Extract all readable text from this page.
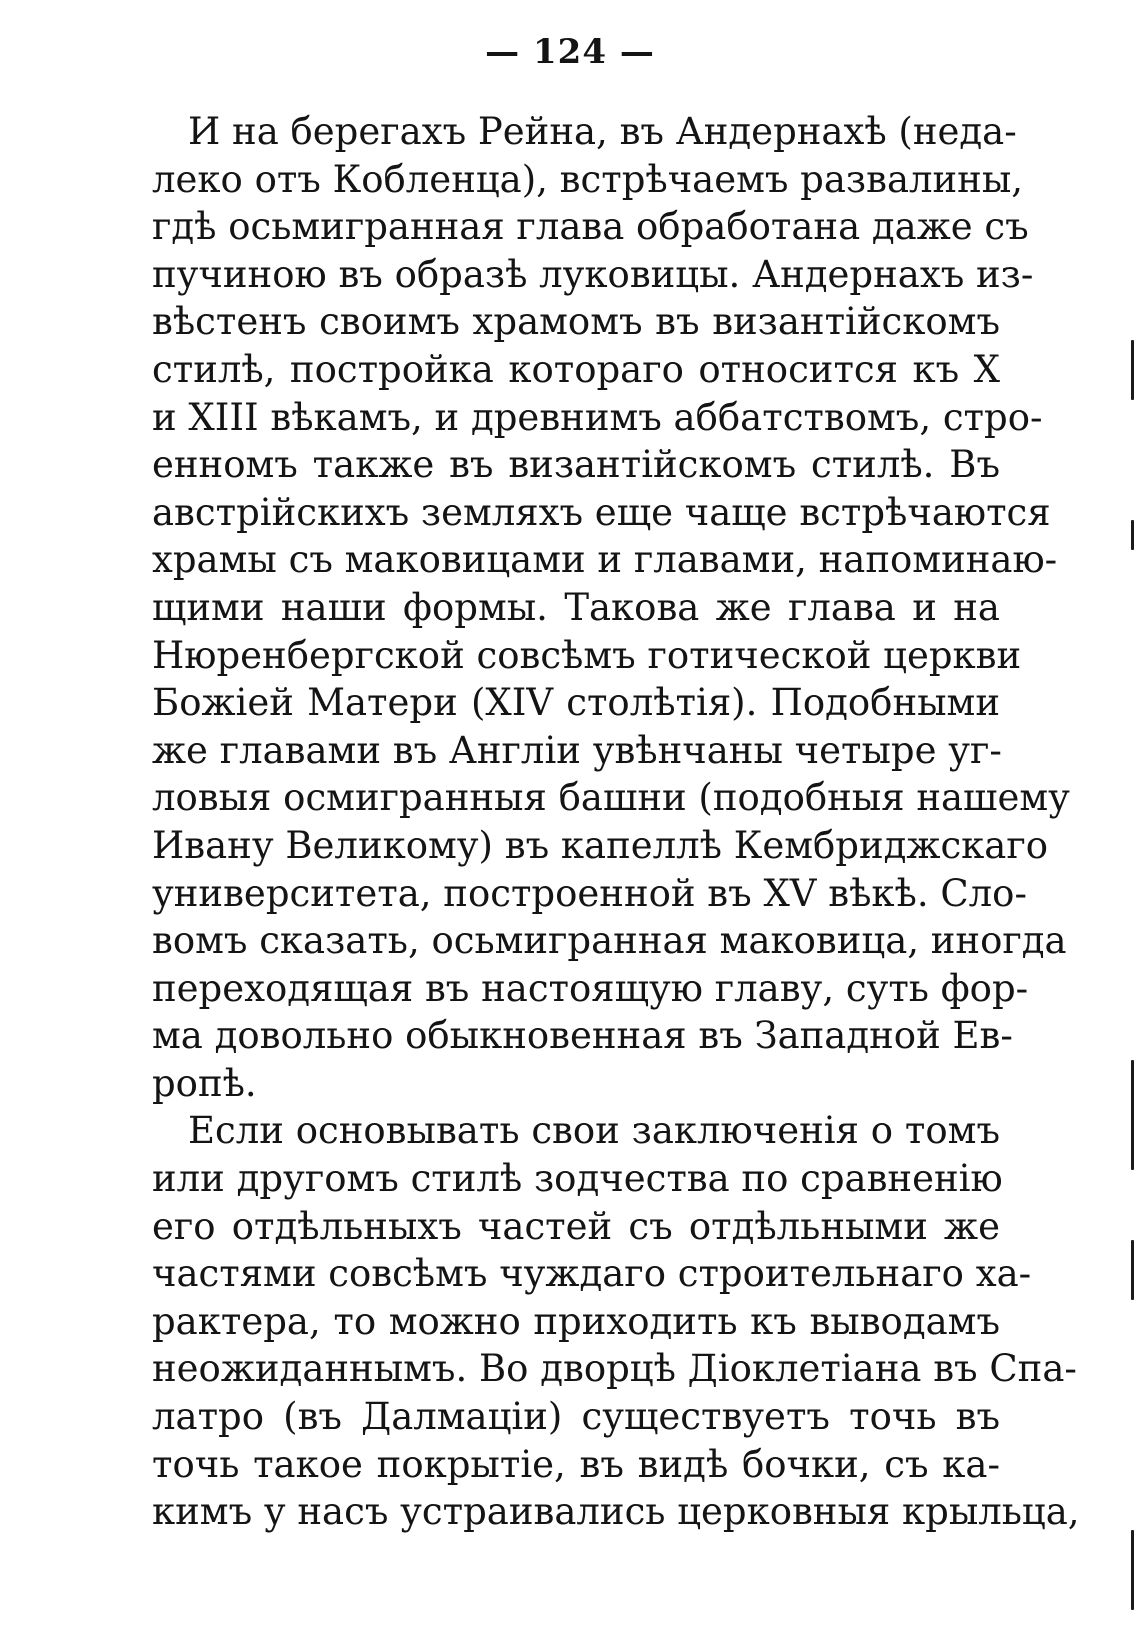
— 124 —
И на берегахъ Рейна, въ Андернахѣ (неда-
леко отъ Кобленца), встрѣчаемъ развалины,
гдѣ осьмигранная глава обработана даже съ
пучиною въ образѣ луковицы. Андернахъ из-
вѣстенъ своимъ храмомъ въ византійскомъ
стилѣ, постройка котораго относится къ X
и XIII вѣкамъ, и древнимъ аббатствомъ, стро-
енномъ также въ византійскомъ стилѣ. Въ
австрійскихъ земляхъ еще чаще встрѣчаются
храмы съ маковицами и главами, напоминаю-
щими наши формы. Такова же глава и на
Нюренбергской совсѣмъ готической церкви
Божіей Матери (XIV столѣтія). Подобными
же главами въ Англіи увѣнчаны четыре уг-
ловыя осмигранныя башни (подобныя нашему
Ивану Великому) въ капеллѣ Кембриджскаго
университета, построенной въ XV вѣкѣ. Сло-
вомъ сказать, осьмигранная маковица, иногда
переходящая въ настоящую главу, суть фор-
ма довольно обыкновенная въ Западной Ев-
ропѣ.
Если основывать свои заключенія о томъ
или другомъ стилѣ зодчества по сравненію
его отдѣльныхъ частей съ отдѣльными же
частями совсѣмъ чуждаго строительнаго ха-
рактера, то можно приходить къ выводамъ
неожиданнымъ. Во дворцѣ Діоклетіана въ Спа-
латро (въ Далмаціи) существуетъ точь въ
точь такое покрытіе, въ видѣ бочки, съ ка-
кимъ у насъ устраивались церковныя крыльца,
